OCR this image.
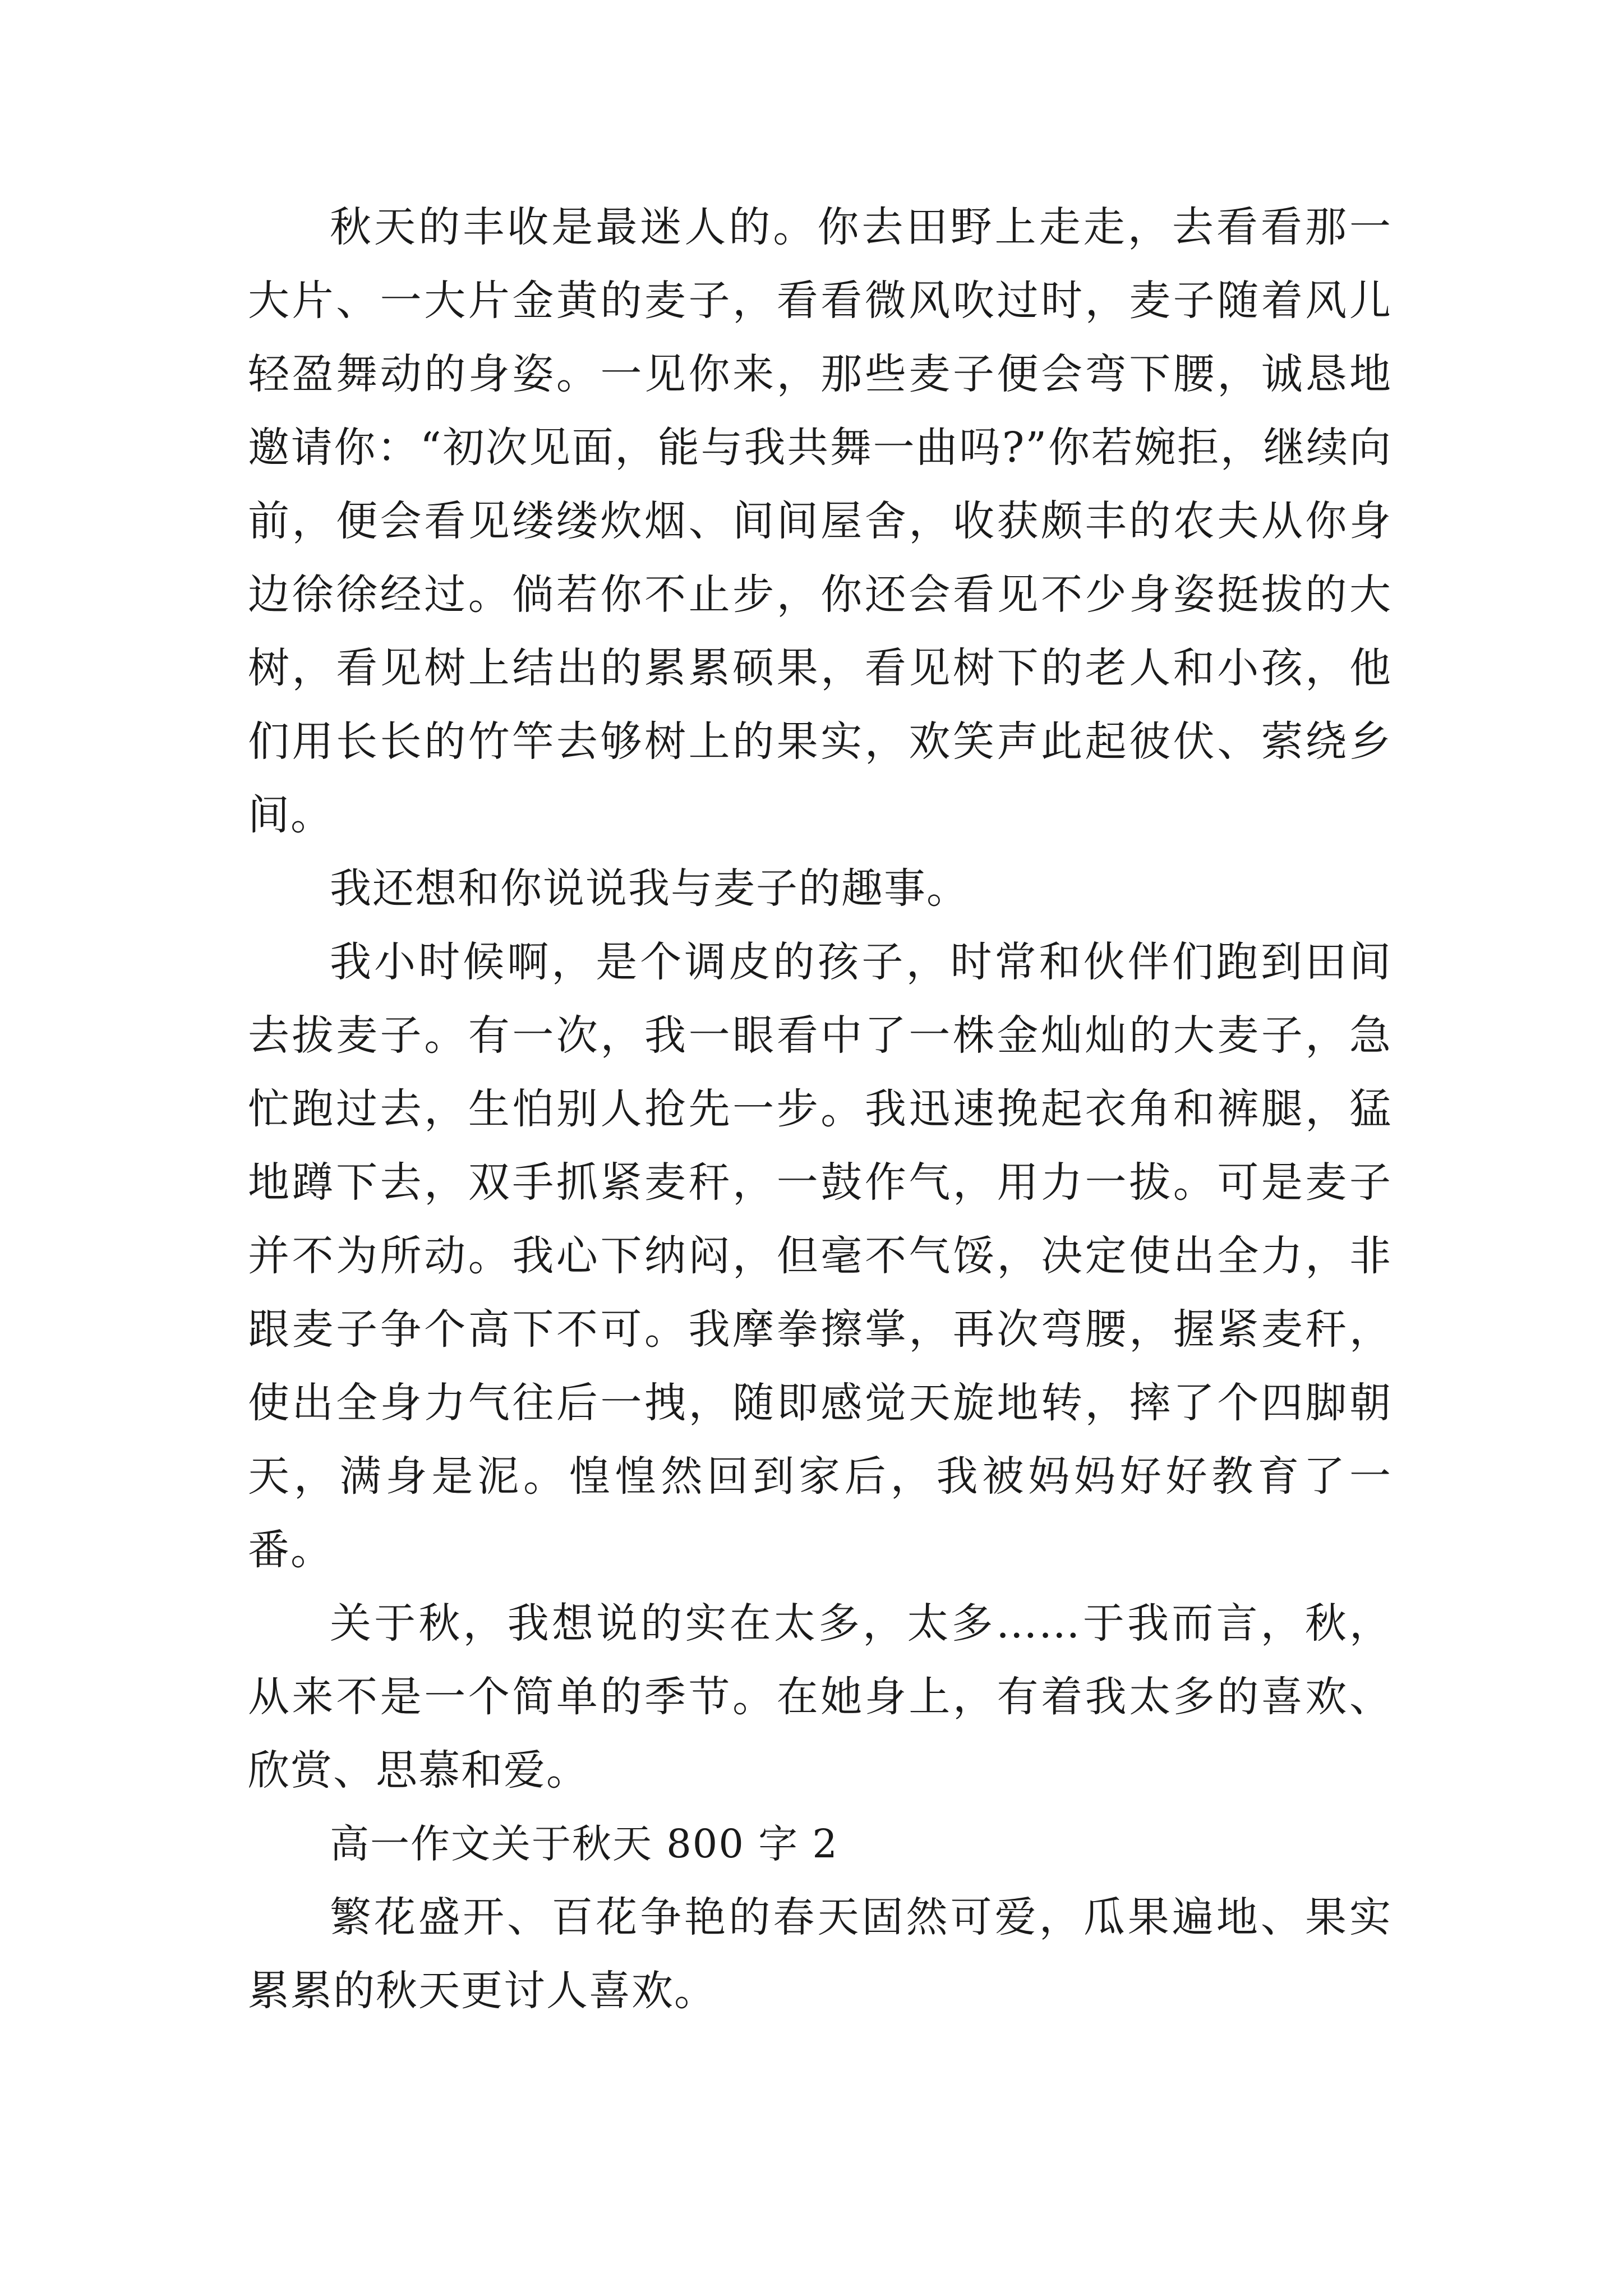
秋天的丰收是最迷人的。你去田野上走走，去看看那一大片、一大片金黄的麦子，看看微风吹过时，麦子随着风儿轻盈舞动的身姿。一见你来，那些麦子便会弯下腰，诚恳地邀请你：“初次见面，能与我共舞一曲吗?”你若婉拒，继续向前，便会看见缕缕炊烟、间间屋舍，收获颇丰的农夫从你身边徐徐经过。倘若你不止步，你还会看见不少身姿挺拔的大树，看见树上结出的累累硕果，看见树下的老人和小孩，他们用长长的竹竿去够树上的果实，欢笑声此起彼伏、萦绕乡间。

我还想和你说说我与麦子的趣事。

我小时候啊，是个调皮的孩子，时常和伙伴们跑到田间去拔麦子。有一次，我一眼看中了一株金灿灿的大麦子，急忙跑过去，生怕别人抢先一步。我迅速挽起衣角和裤腿，猛地蹲下去，双手抓紧麦秆，一鼓作气，用力一拔。可是麦子并不为所动。我心下纳闷，但毫不气馁，决定使出全力，非跟麦子争个高下不可。我摩拳擦掌，再次弯腰，握紧麦秆，使出全身力气往后一拽，随即感觉天旋地转，摔了个四脚朝天，满身是泥。惶惶然回到家后，我被妈妈好好教育了一番。

关于秋，我想说的实在太多，太多……于我而言，秋，从来不是一个简单的季节。在她身上，有着我太多的喜欢、欣赏、思慕和爱。

高一作文关于秋天 800 字 2

繁花盛开、百花争艳的春天固然可爱，瓜果遍地、果实累累的秋天更讨人喜欢。
